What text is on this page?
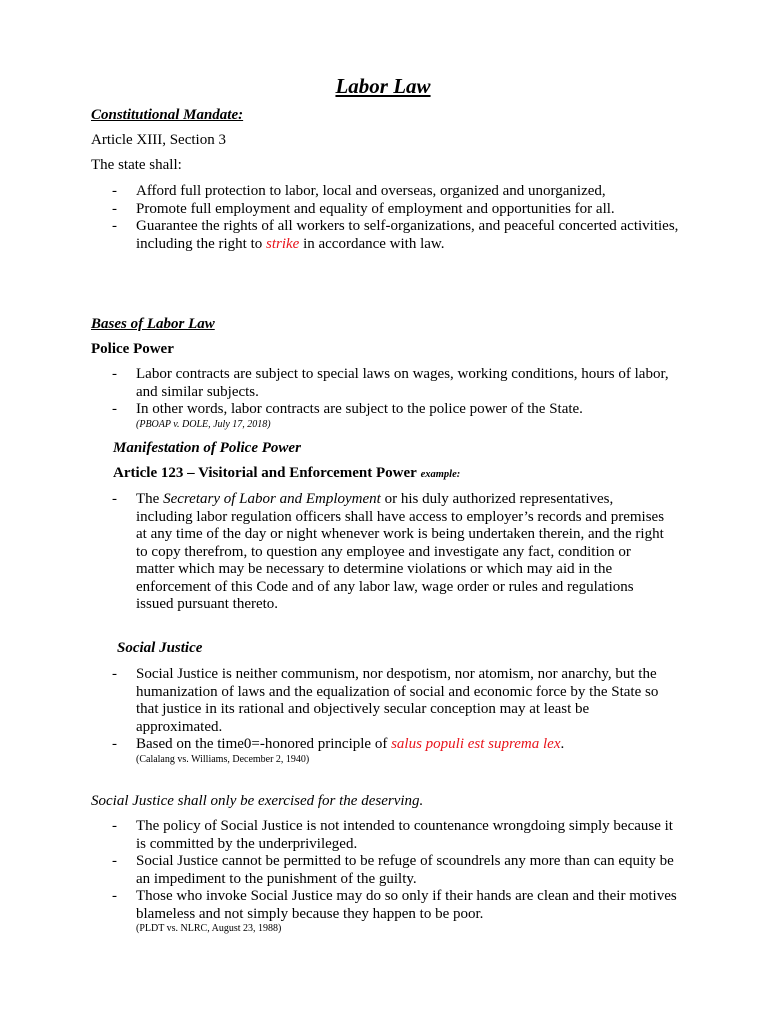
Labor Law
Constitutional Mandate:
Article XIII, Section 3
The state shall:
- Afford full protection to labor, local and overseas, organized and unorganized,
- Promote full employment and equality of employment and opportunities for all.
- Guarantee the rights of all workers to self-organizations, and peaceful concerted activities, including the right to strike in accordance with law.
Bases of Labor Law
Police Power
- Labor contracts are subject to special laws on wages, working conditions, hours of labor, and similar subjects.
- In other words, labor contracts are subject to the police power of the State.
(PBOAP v. DOLE, July 17, 2018)
Manifestation of Police Power
Article 123 – Visitorial and Enforcement Power example:
- The Secretary of Labor and Employment or his duly authorized representatives, including labor regulation officers shall have access to employer’s records and premises at any time of the day or night whenever work is being undertaken therein, and the right to copy therefrom, to question any employee and investigate any fact, condition or matter which may be necessary to determine violations or which may aid in the enforcement of this Code and of any labor law, wage order or rules and regulations issued pursuant thereto.
Social Justice
- Social Justice is neither communism, nor despotism, nor atomism, nor anarchy, but the humanization of laws and the equalization of social and economic force by the State so that justice in its rational and objectively secular conception may at least be approximated.
- Based on the time0=-honored principle of salus populi est suprema lex.
(Calalang vs. Williams, December 2, 1940)
Social Justice shall only be exercised for the deserving.
- The policy of Social Justice is not intended to countenance wrongdoing simply because it is committed by the underprivileged.
- Social Justice cannot be permitted to be refuge of scoundrels any more than can equity be an impediment to the punishment of the guilty.
- Those who invoke Social Justice may do so only if their hands are clean and their motives blameless and not simply because they happen to be poor.
(PLDT vs. NLRC, August 23, 1988)
